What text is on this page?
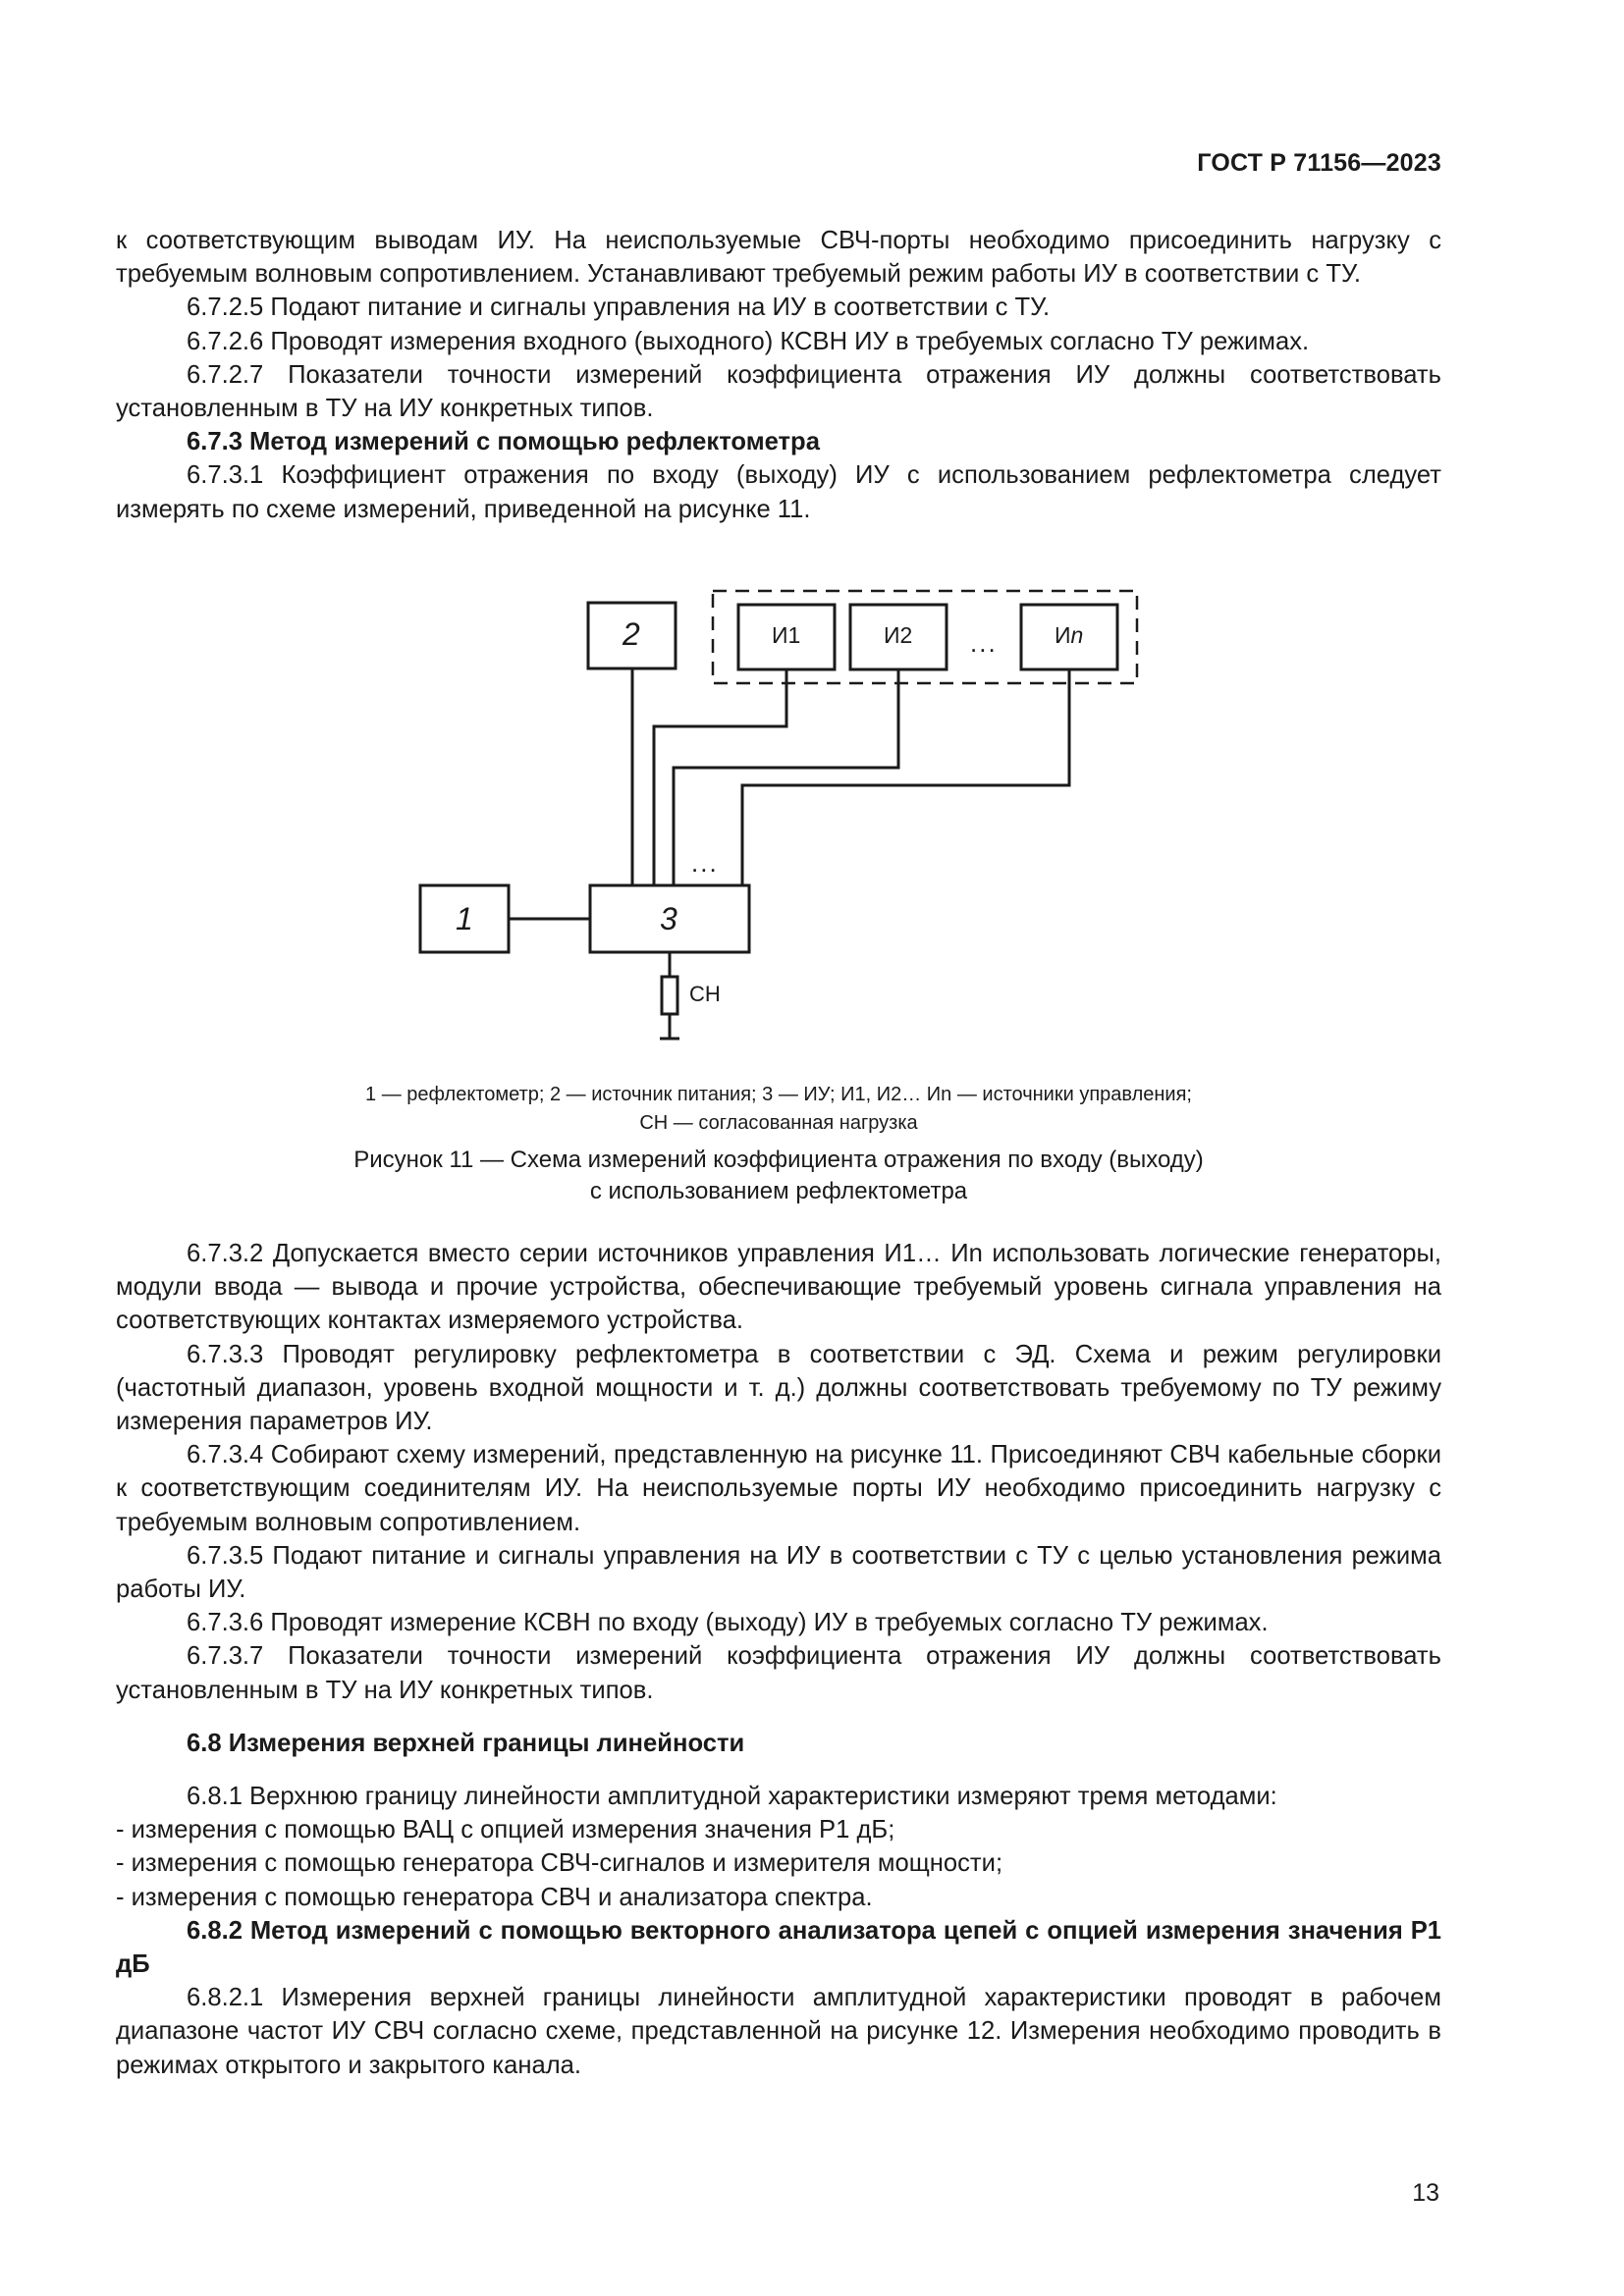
ГОСТ Р 71156—2023

к соответствующим выводам ИУ. На неиспользуемые СВЧ-порты необходимо присоединить нагрузку с требуемым волновым сопротивлением. Устанавливают требуемый режим работы ИУ в соответствии с ТУ.

6.7.2.5 Подают питание и сигналы управления на ИУ в соответствии с ТУ.

6.7.2.6 Проводят измерения входного (выходного) КСВН ИУ в требуемых согласно ТУ режимах.

6.7.2.7 Показатели точности измерений коэффициента отражения ИУ должны соответствовать установленным в ТУ на ИУ конкретных типов.

6.7.3 Метод измерений с помощью рефлектометра

6.7.3.1 Коэффициент отражения по входу (выходу) ИУ с использованием рефлектометра следует измерять по схеме измерений, приведенной на рисунке 11.

2	И1	И2 ...	Иn
1	3
...
СН
1 — рефлектометр; 2 — источник питания; 3 — ИУ; И1, И2… Иn — источники управления;
СН — согласованная нагрузка
Рисунок 11 — Схема измерений коэффициента отражения по входу (выходу)
с использованием рефлектометра

6.7.3.2 Допускается вместо серии источников управления И1… Иn использовать логические генераторы, модули ввода — вывода и прочие устройства, обеспечивающие требуемый уровень сигнала управления на соответствующих контактах измеряемого устройства.

6.7.3.3 Проводят регулировку рефлектометра в соответствии с ЭД. Схема и режим регулировки (частотный диапазон, уровень входной мощности и т. д.) должны соответствовать требуемому по ТУ режиму измерения параметров ИУ.

6.7.3.4 Собирают схему измерений, представленную на рисунке 11. Присоединяют СВЧ кабельные сборки к соответствующим соединителям ИУ. На неиспользуемые порты ИУ необходимо присоединить нагрузку с требуемым волновым сопротивлением.

6.7.3.5 Подают питание и сигналы управления на ИУ в соответствии с ТУ с целью установления режима работы ИУ.

6.7.3.6 Проводят измерение КСВН по входу (выходу) ИУ в требуемых согласно ТУ режимах.

6.7.3.7 Показатели точности измерений коэффициента отражения ИУ должны соответствовать установленным в ТУ на ИУ конкретных типов.

6.8 Измерения верхней границы линейности

6.8.1 Верхнюю границу линейности амплитудной характеристики измеряют тремя методами:

- измерения с помощью ВАЦ с опцией измерения значения P1 дБ;

- измерения с помощью генератора СВЧ-сигналов и измерителя мощности;

- измерения с помощью генератора СВЧ и анализатора спектра.

6.8.2 Метод измерений с помощью векторного анализатора цепей с опцией измерения значения P1 дБ

6.8.2.1 Измерения верхней границы линейности амплитудной характеристики проводят в рабочем диапазоне частот ИУ СВЧ согласно схеме, представленной на рисунке 12. Измерения необходимо проводить в режимах открытого и закрытого канала.

13
